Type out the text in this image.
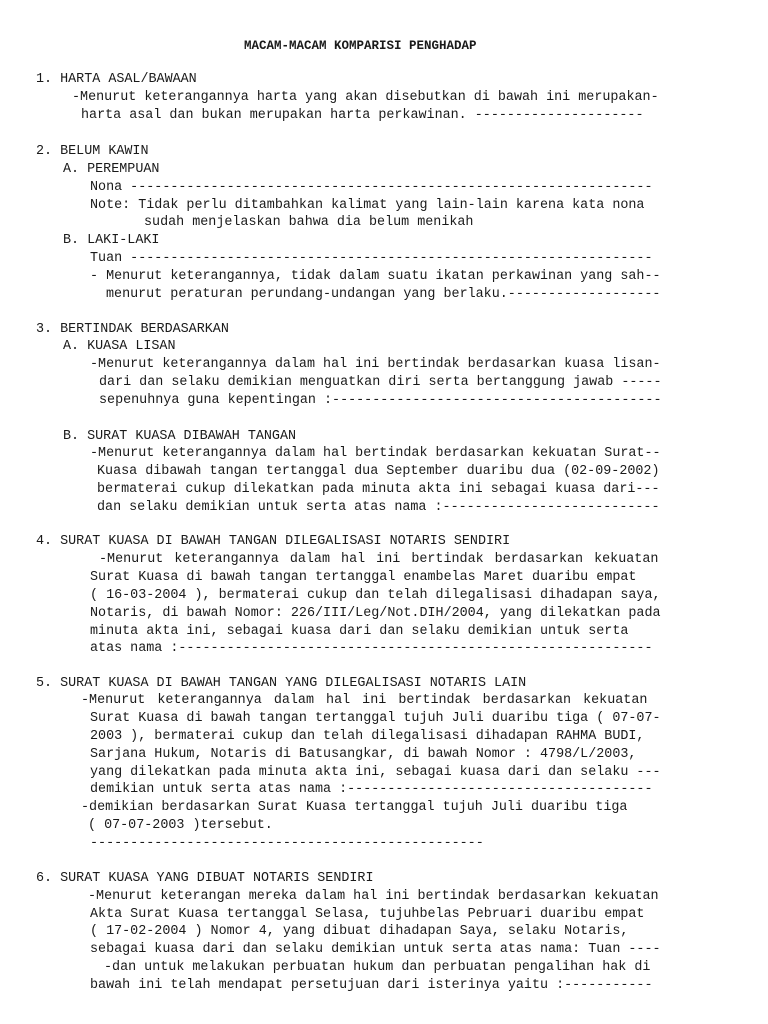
MACAM-MACAM KOMPARISI PENGHADAP

1. HARTA ASAL/BAWAAN

-Menurut keterangannya harta yang akan disebutkan di bawah ini merupakan-

harta asal dan bukan merupakan harta perkawinan. ---------------------

2. BELUM KAWIN

A. PEREMPUAN

Nona -----------------------------------------------------------------

Note: Tidak perlu ditambahkan kalimat yang lain-lain karena kata nona

sudah menjelaskan bahwa dia belum menikah

B. LAKI-LAKI

Tuan -----------------------------------------------------------------

- Menurut keterangannya, tidak dalam suatu ikatan perkawinan yang sah--

menurut peraturan perundang-undangan yang berlaku.-------------------

3. BERTINDAK BERDASARKAN

A. KUASA LISAN

-Menurut keterangannya dalam hal ini bertindak berdasarkan kuasa lisan-

dari dan selaku demikian menguatkan diri serta bertanggung jawab -----

sepenuhnya guna kepentingan :-----------------------------------------

B. SURAT KUASA DIBAWAH TANGAN

-Menurut keterangannya dalam hal bertindak berdasarkan kekuatan Surat--

Kuasa dibawah tangan tertanggal dua September duaribu dua (02-09-2002)

bermaterai cukup dilekatkan pada minuta akta ini sebagai kuasa dari---

dan selaku demikian untuk serta atas nama :---------------------------

4. SURAT KUASA DI BAWAH TANGAN DILEGALISASI NOTARIS SENDIRI

-Menurut keterangannya dalam hal ini bertindak berdasarkan kekuatan

Surat Kuasa di bawah tangan tertanggal enambelas Maret duaribu empat

( 16-03-2004 ), bermaterai cukup dan telah dilegalisasi dihadapan saya,

Notaris, di bawah Nomor: 226/III/Leg/Not.DIH/2004, yang dilekatkan pada

minuta akta ini, sebagai kuasa dari dan selaku demikian untuk serta

atas nama :-----------------------------------------------------------

5. SURAT KUASA DI BAWAH TANGAN YANG DILEGALISASI NOTARIS LAIN

-Menurut keterangannya dalam hal ini bertindak berdasarkan kekuatan

Surat Kuasa di bawah tangan tertanggal tujuh Juli duaribu tiga ( 07-07-

2003 ), bermaterai cukup dan telah dilegalisasi dihadapan RAHMA BUDI,

Sarjana Hukum, Notaris di Batusangkar, di bawah Nomor : 4798/L/2003,

yang dilekatkan pada minuta akta ini, sebagai kuasa dari dan selaku ---

demikian untuk serta atas nama :--------------------------------------

-demikian berdasarkan Surat Kuasa tertanggal tujuh Juli duaribu tiga

( 07-07-2003 )tersebut.

-------------------------------------------------

6. SURAT KUASA YANG DIBUAT NOTARIS SENDIRI

-Menurut keterangan mereka dalam hal ini bertindak berdasarkan kekuatan

Akta Surat Kuasa tertanggal Selasa, tujuhbelas Pebruari duaribu empat

( 17-02-2004 ) Nomor 4, yang dibuat dihadapan Saya, selaku Notaris,

sebagai kuasa dari dan selaku demikian untuk serta atas nama: Tuan ----

-dan untuk melakukan perbuatan hukum dan perbuatan pengalihan hak di

bawah ini telah mendapat persetujuan dari isterinya yaitu :-----------
